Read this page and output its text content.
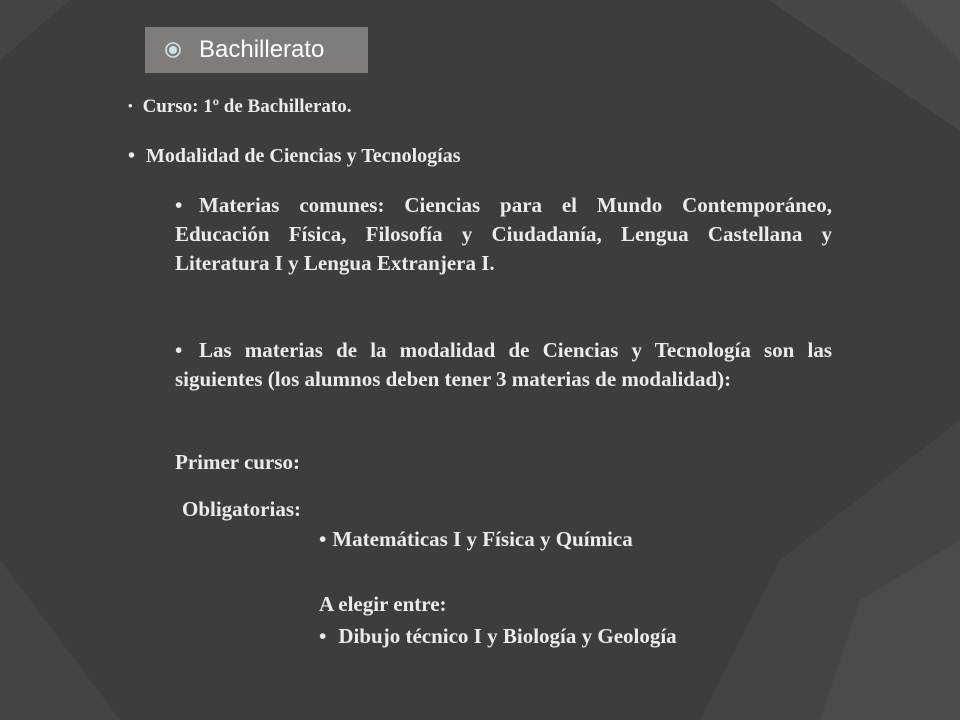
Bachillerato
• Curso: 1º de Bachillerato.
• Modalidad de Ciencias y Tecnologías
• Materias comunes: Ciencias para el Mundo Contemporáneo, Educación Física, Filosofía y Ciudadanía, Lengua Castellana y Literatura I y Lengua Extranjera I.
• Las materias de la modalidad de Ciencias y Tecnología son las siguientes (los alumnos deben tener 3 materias de modalidad):
Primer curso:
Obligatorias:
• Matemáticas I y Física y Química
A elegir entre:
• Dibujo técnico I y Biología y Geología
